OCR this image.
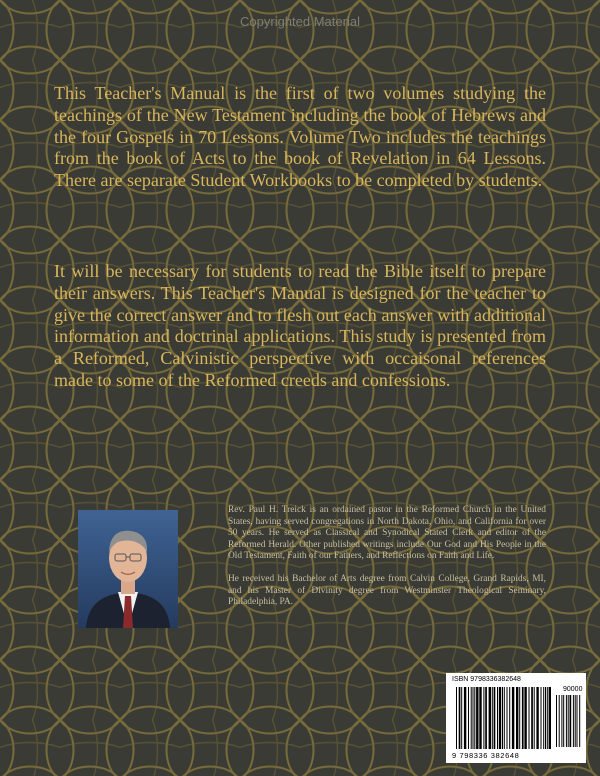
Copyrighted Material

This Teacher's Manual is the first of two volumes studying the teachings of the New Testament including the book of Hebrews and the four Gospels in 70 Lessons. Volume Two includes the teachings from the book of Acts to the book of Revelation in 64 Lessons. There are separate Student Workbooks to be completed by students.

It will be necessary for students to read the Bible itself to prepare their answers. This Teacher's Manual is designed for the teacher to give the correct answer and to flesh out each answer with additional information and doctrinal applications. This study is presented from a Reformed, Calvinistic perspective with occaisonal references made to some of the Reformed creeds and confessions.

Rev. Paul H. Treick is an ordained pastor in the Reformed Church in the United States, having served congregations in North Dakota, Ohio, and California for over 50 years. He served as Classical and Synodical Stated Clerk and editor of the Reformed Herald. Other published writings include Our God and His People in the Old Testament, Faith of our Fathers, and Reflections on Faith and Life.

He received his Bachelor of Arts degree from Calvin College, Grand Rapids, MI, and his Master of Divinity degree from Westminster Theological Seminary, Philadelphia, PA.

ISBN 9798336382648
90000
9 798336 382648
